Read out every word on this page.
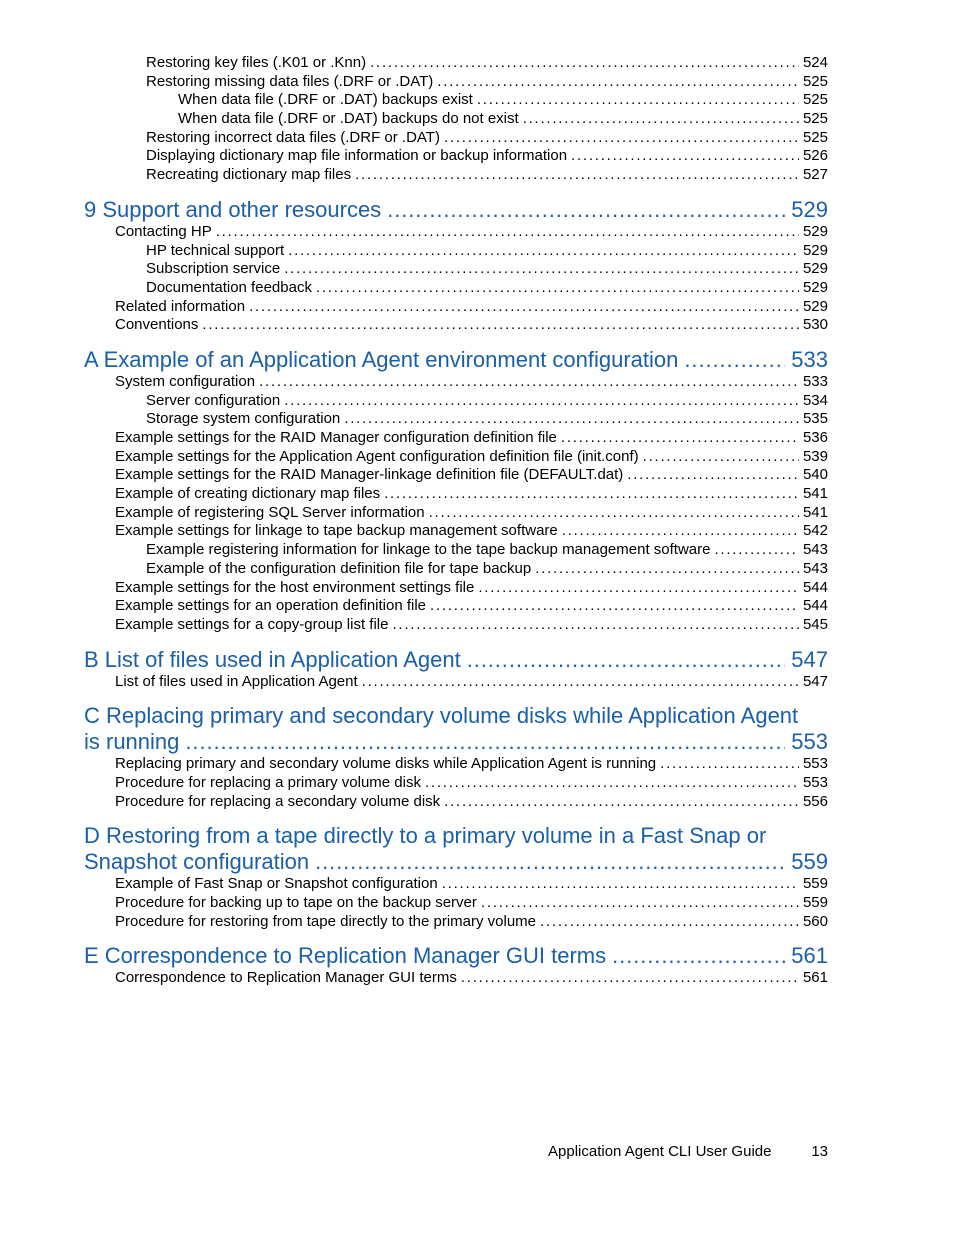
Restoring key files (.K01 or .Knn) . . .	524
Restoring missing data files (.DRF or .DAT) . . .	525
When data file (.DRF or .DAT) backups exist . . .	525
When data file (.DRF or .DAT) backups do not exist . . .	525
Restoring incorrect data files (.DRF or .DAT) . . .	525
Displaying dictionary map file information or backup information . . .	526
Recreating dictionary map files . . .	527
9 Support and other resources . . .	529
Contacting HP . . .	529
HP technical support . . .	529
Subscription service . . .	529
Documentation feedback . . .	529
Related information . . .	529
Conventions . . .	530
A Example of an Application Agent environment configuration . . .	533
System configuration . . .	533
Server configuration . . .	534
Storage system configuration . . .	535
Example settings for the RAID Manager configuration definition file . . .	536
Example settings for the Application Agent configuration definition file (init.conf) . . .	539
Example settings for the RAID Manager-linkage definition file (DEFAULT.dat) . . .	540
Example of creating dictionary map files . . .	541
Example of registering SQL Server information . . .	541
Example settings for linkage to tape backup management software . . .	542
Example registering information for linkage to the tape backup management software . . .	543
Example of the configuration definition file for tape backup . . .	543
Example settings for the host environment settings file . . .	544
Example settings for an operation definition file . . .	544
Example settings for a copy-group list file . . .	545
B List of files used in Application Agent . . .	547
List of files used in Application Agent . . .	547
C Replacing primary and secondary volume disks while Application Agent
is running . . .	553
Replacing primary and secondary volume disks while Application Agent is running . . .	553
Procedure for replacing a primary volume disk . . .	553
Procedure for replacing a secondary volume disk . . .	556
D Restoring from a tape directly to a primary volume in a Fast Snap or
Snapshot configuration . . .	559
Example of Fast Snap or Snapshot configuration . . .	559
Procedure for backing up to tape on the backup server . . .	559
Procedure for restoring from tape directly to the primary volume . . .	560
E Correspondence to Replication Manager GUI terms . . .	561
Correspondence to Replication Manager GUI terms . . .	561
Application Agent CLI User Guide	13
